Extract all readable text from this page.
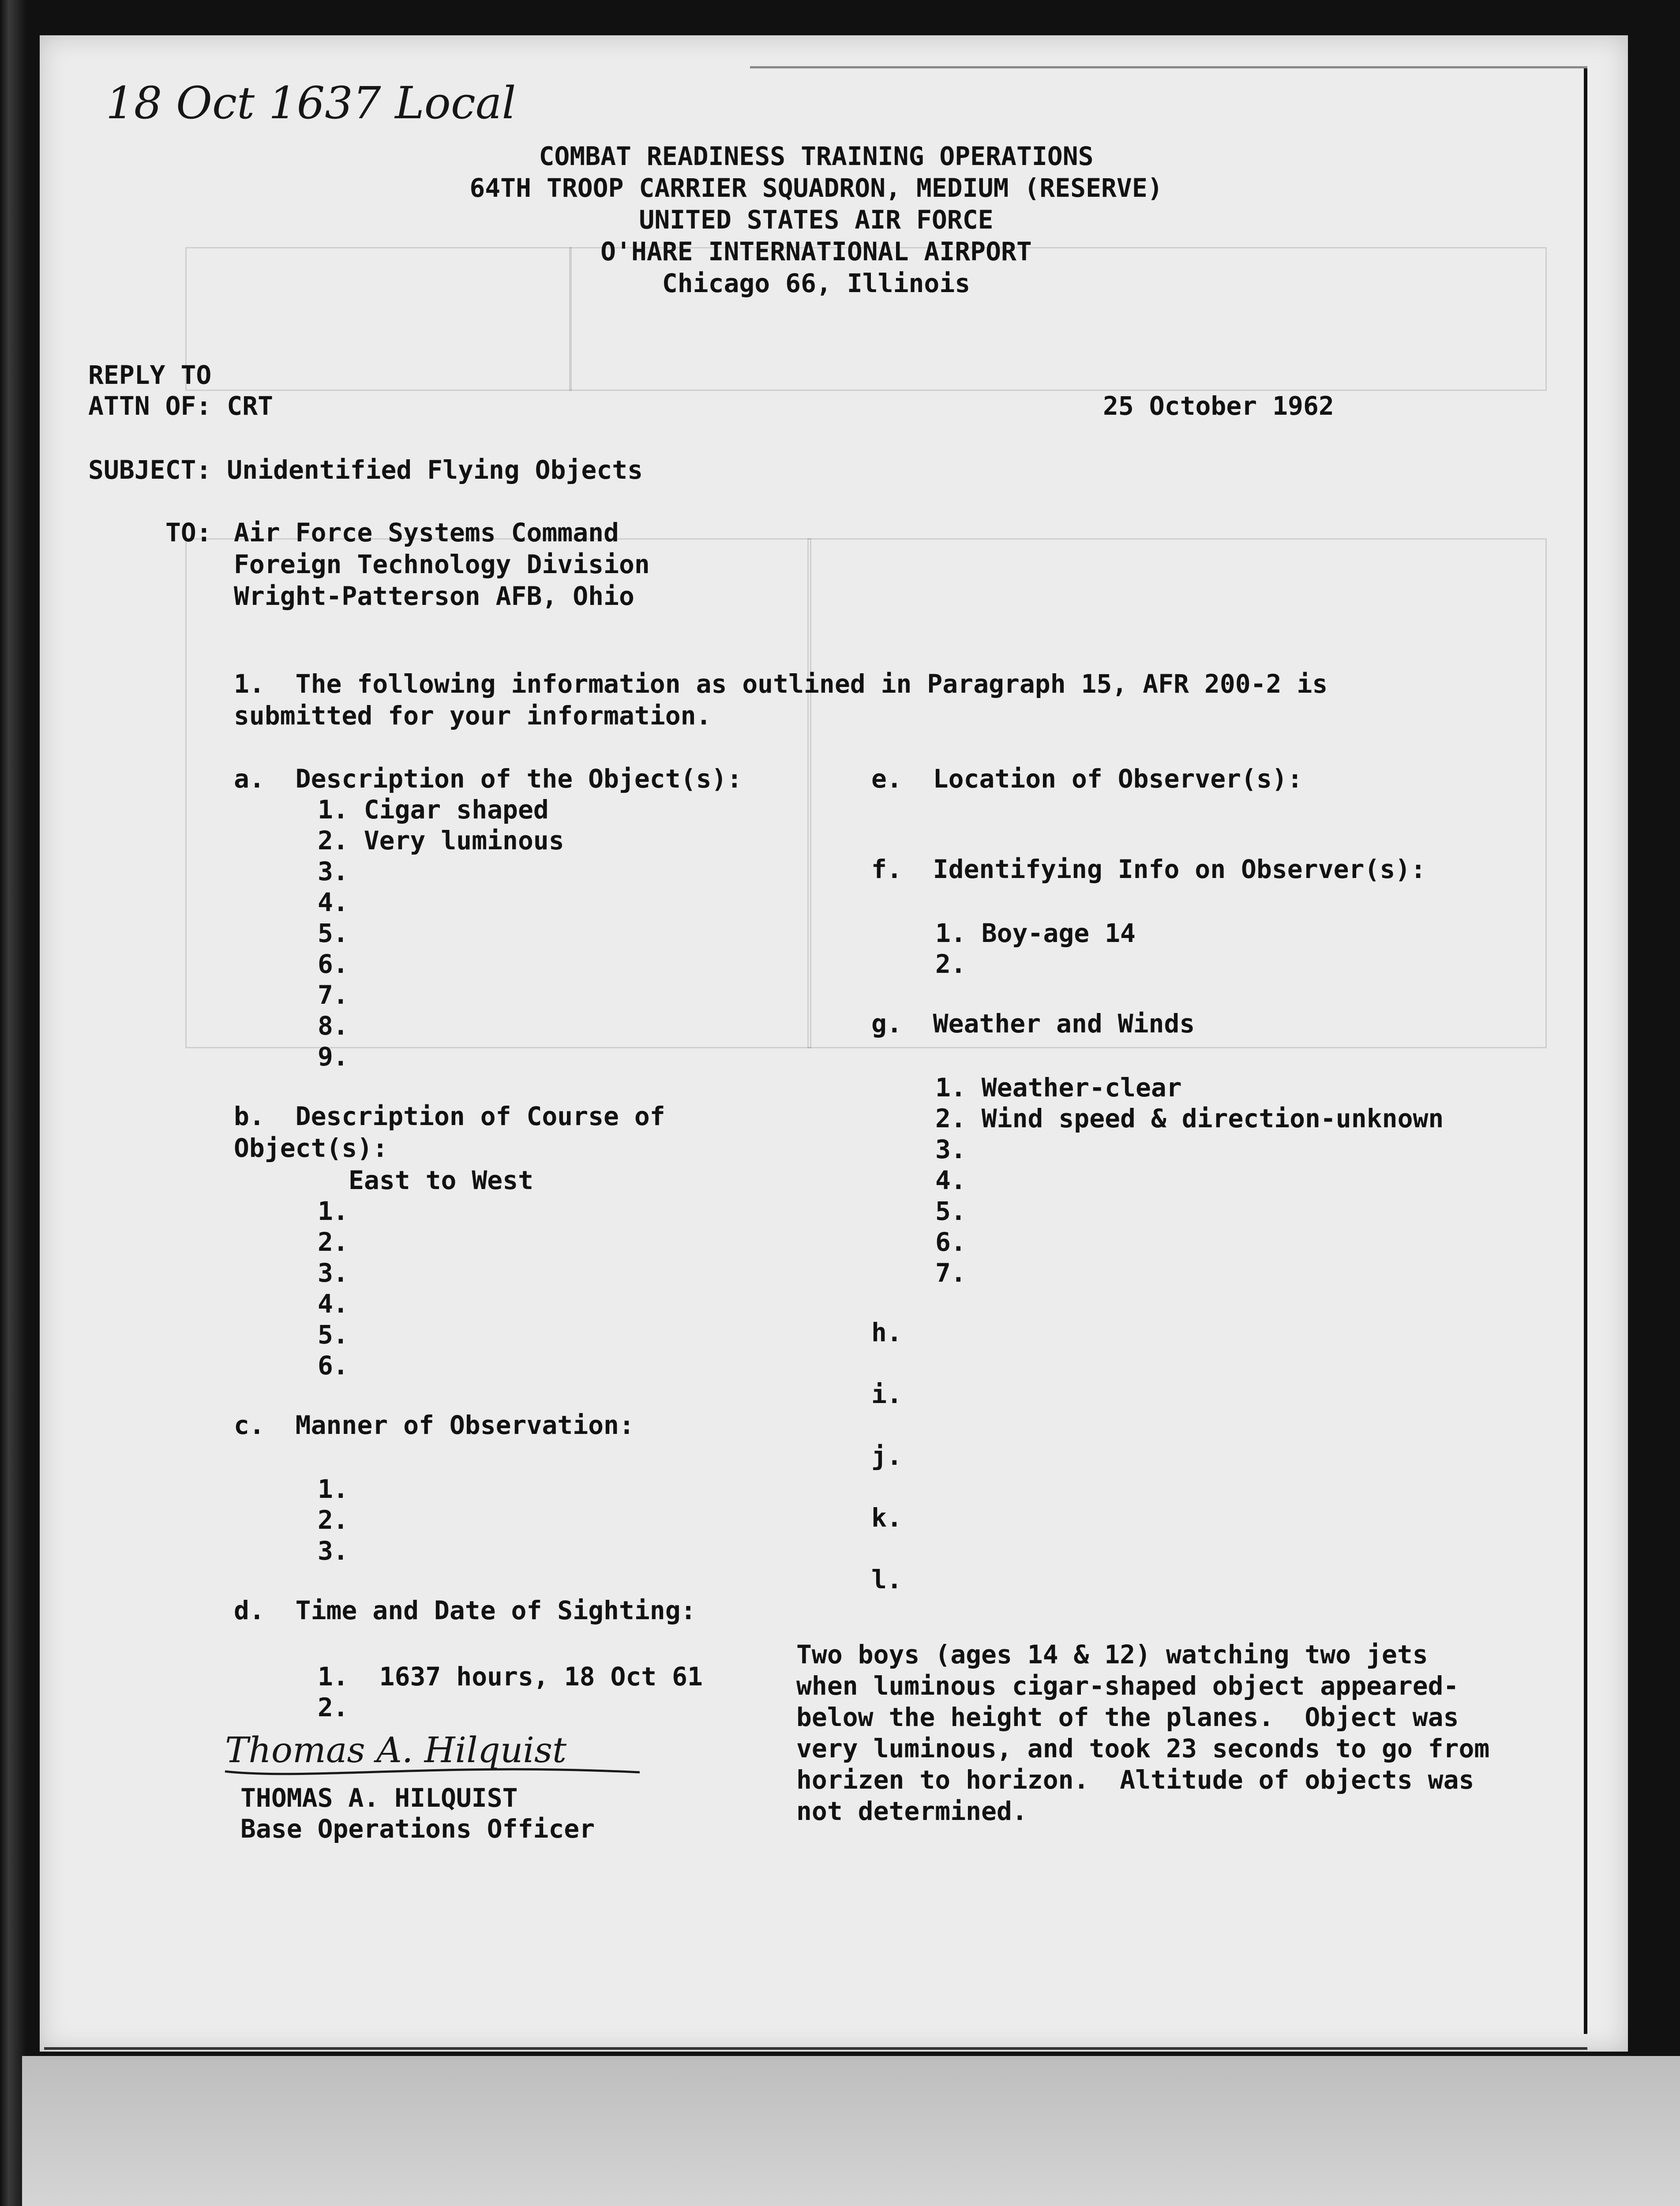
18 Oct 1637 Local
COMBAT READINESS TRAINING OPERATIONS
64TH TROOP CARRIER SQUADRON, MEDIUM (RESERVE)
UNITED STATES AIR FORCE
O'HARE INTERNATIONAL AIRPORT
Chicago 66, Illinois
REPLY TO
ATTN OF: CRT	25 October 1962
SUBJECT: Unidentified Flying Objects
TO: Air Force Systems Command
Foreign Technology Division
Wright-Patterson AFB, Ohio
1.  The following information as outlined in Paragraph 15, AFR 200-2 is
submitted for your information.
a.  Description of the Object(s):
1. Cigar shaped
2. Very luminous
3.
4.
5.
6.
7.
8.
9.
b.  Description of Course of
Object(s):
East to West
1.
2.
3.
4.
5.
6.
c.  Manner of Observation:
1.
2.
3.
d.  Time and Date of Sighting:
1.  1637 hours, 18 Oct 61
2.
e.  Location of Observer(s):
f.  Identifying Info on Observer(s):
1. Boy-age 14
2.
g.  Weather and Winds
1. Weather-clear
2. Wind speed & direction-unknown
3.
4.
5.
6.
7.
h.
i.
j.
k.
l.
Two boys (ages 14 & 12) watching two jets
when luminous cigar-shaped object appeared-
below the height of the planes.  Object was
very luminous, and took 23 seconds to go from
horizen to horizon.  Altitude of objects was
not determined.
Thomas A. Hilquist
THOMAS A. HILQUIST
Base Operations Officer
